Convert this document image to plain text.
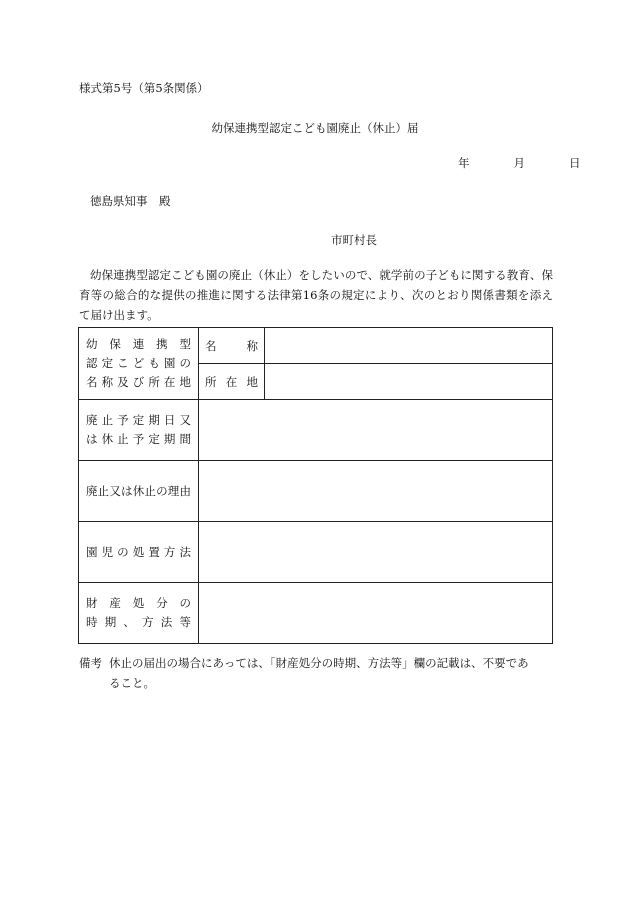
様式第5号（第5条関係）
幼保連携型認定こども園廃止（休止）届
年	月	日
徳島県知事　殿
市町村長
幼保連携型認定こども園の廃止（休止）をしたいので、就学前の子どもに関する教育、保育等の総合的な提供の推進に関する法律第16条の規定により、次のとおり関係書類を添えて届け出ます。
幼保連携型
認定こども園の
名称及び所在地	名　称	
	所在地	

廃止予定期日又
は休止予定期間		

廃止又は休止の理由		

園児の処置方法		

財産処分の
時期、方法等		

備考 休止の届出の場合にあっては、「財産処分の時期、方法等」欄の記載は、不要であ
ること。
